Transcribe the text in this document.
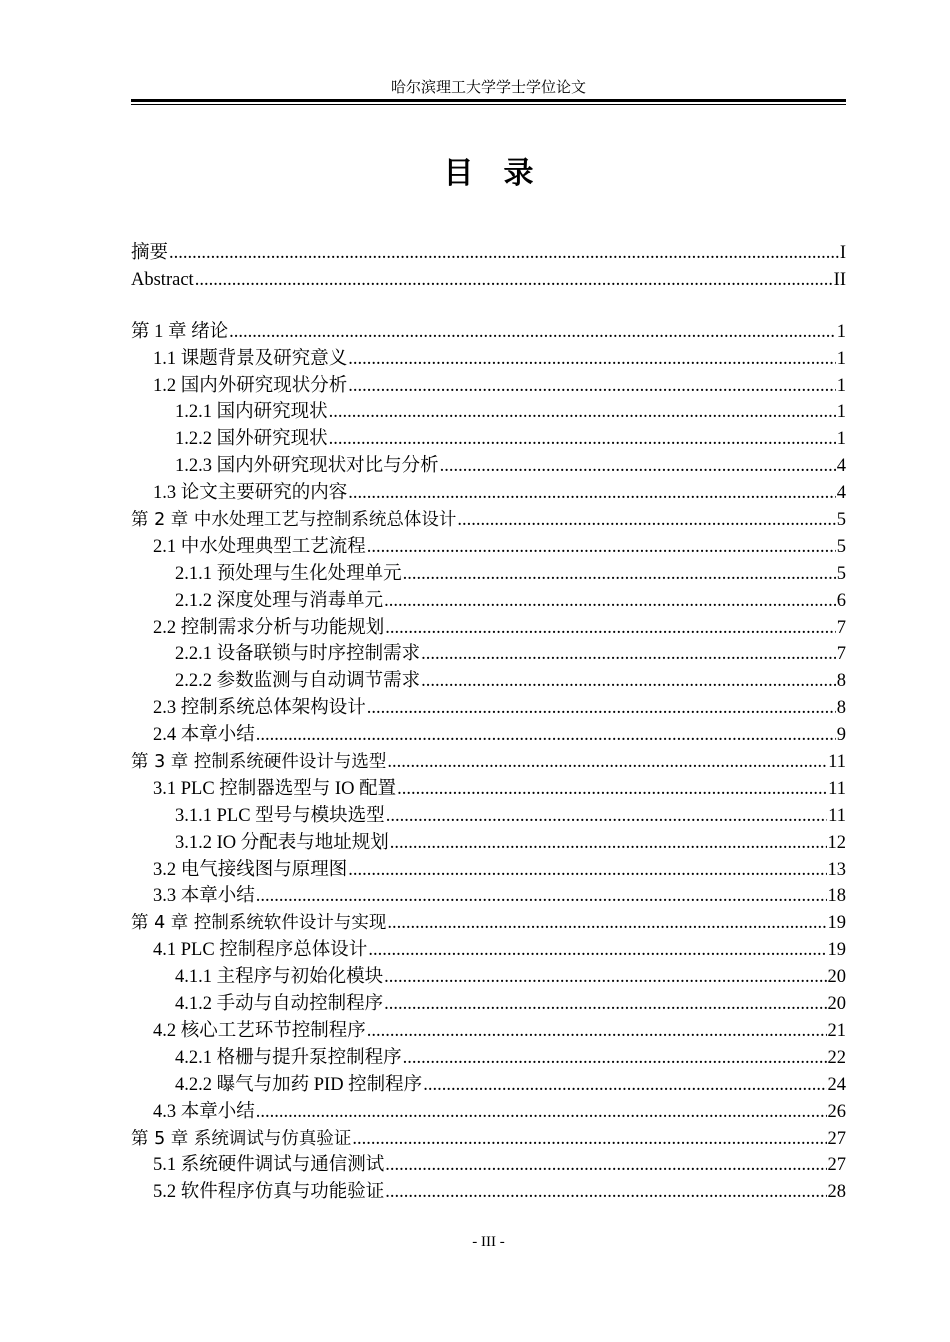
哈尔滨理工大学学士学位论文
目录
摘要 .....	I
Abstract .....	II
第 1 章 绪论 .....	1
1.1 课题背景及研究意义 .....	1
1.2 国内外研究现状分析 .....	1
1.2.1 国内研究现状 .....	1
1.2.2 国外研究现状 .....	1
1.2.3 国内外研究现状对比与分析 .....	4
1.3 论文主要研究的内容 .....	4
第 2 章 中水处理工艺与控制系统总体设计 .....	5
2.1 中水处理典型工艺流程 .....	5
2.1.1 预处理与生化处理单元 .....	5
2.1.2 深度处理与消毒单元 .....	6
2.2 控制需求分析与功能规划 .....	7
2.2.1 设备联锁与时序控制需求 .....	7
2.2.2 参数监测与自动调节需求 .....	8
2.3 控制系统总体架构设计 .....	8
2.4 本章小结 .....	9
第 3 章 控制系统硬件设计与选型 .....	11
3.1 PLC 控制器选型与 IO 配置 .....	11
3.1.1 PLC 型号与模块选型 .....	11
3.1.2 IO 分配表与地址规划 .....	12
3.2 电气接线图与原理图 .....	13
3.3 本章小结 .....	18
第 4 章 控制系统软件设计与实现 .....	19
4.1 PLC 控制程序总体设计 .....	19
4.1.1 主程序与初始化模块 .....	20
4.1.2 手动与自动控制程序 .....	20
4.2 核心工艺环节控制程序 .....	21
4.2.1 格栅与提升泵控制程序 .....	22
4.2.2 曝气与加药 PID 控制程序 .....	24
4.3 本章小结 .....	26
第 5 章 系统调试与仿真验证 .....	27
5.1 系统硬件调试与通信测试 .....	27
5.2 软件程序仿真与功能验证 .....	28
- III -
